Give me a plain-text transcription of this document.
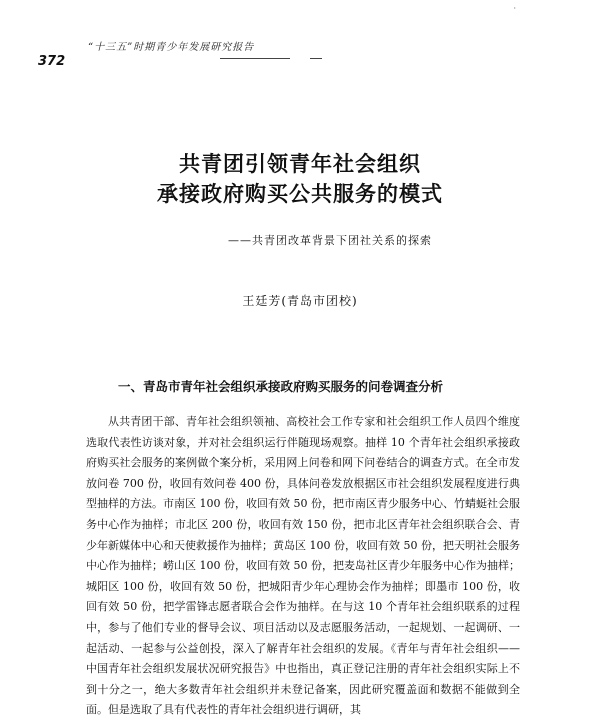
·
“十三五”时期青少年发展研究报告
372
共青团引领青年社会组织
承接政府购买公共服务的模式
——共青团改革背景下团社关系的探索
王廷芳(青岛市团校)
一、青岛市青年社会组织承接政府购买服务的问卷调查分析
从共青团干部、青年社会组织领袖、高校社会工作专家和社会组织工作人员四个维度选取代表性访谈对象，并对社会组织运行伴随现场观察。抽样 10 个青年社会组织承接政府购买社会服务的案例做个案分析，采用网上问卷和网下问卷结合的调查方式。在全市发放问卷 700 份，收回有效问卷 400 份，具体问卷发放根据区市社会组织发展程度进行典型抽样的方法。市南区 100 份，收回有效 50 份，把市南区青少服务中心、竹蜻蜓社会服务中心作为抽样；市北区 200 份，收回有效 150 份，把市北区青年社会组织联合会、青少年新媒体中心和天使救援作为抽样；黄岛区 100 份，收回有效 50 份，把天明社会服务中心作为抽样；崂山区 100 份，收回有效 50 份，把麦岛社区青少年服务中心作为抽样；城阳区 100 份，收回有效 50 份，把城阳青少年心理协会作为抽样；即墨市 100 份，收回有效 50 份，把学雷锋志愿者联合会作为抽样。在与这 10 个青年社会组织联系的过程中，参与了他们专业的督导会议、项目活动以及志愿服务活动，一起规划、一起调研、一起活动、一起参与公益创投，深入了解青年社会组织的发展。《青年与青年社会组织—— 中国青年社会组织发展状况研究报告》中也指出，真正登记注册的青年社会组织实际上不到十分之一，绝大多数青年社会组织并未登记备案，因此研究覆盖面和数据不能做到全面。但是选取了具有代表性的青年社会组织进行调研，其
